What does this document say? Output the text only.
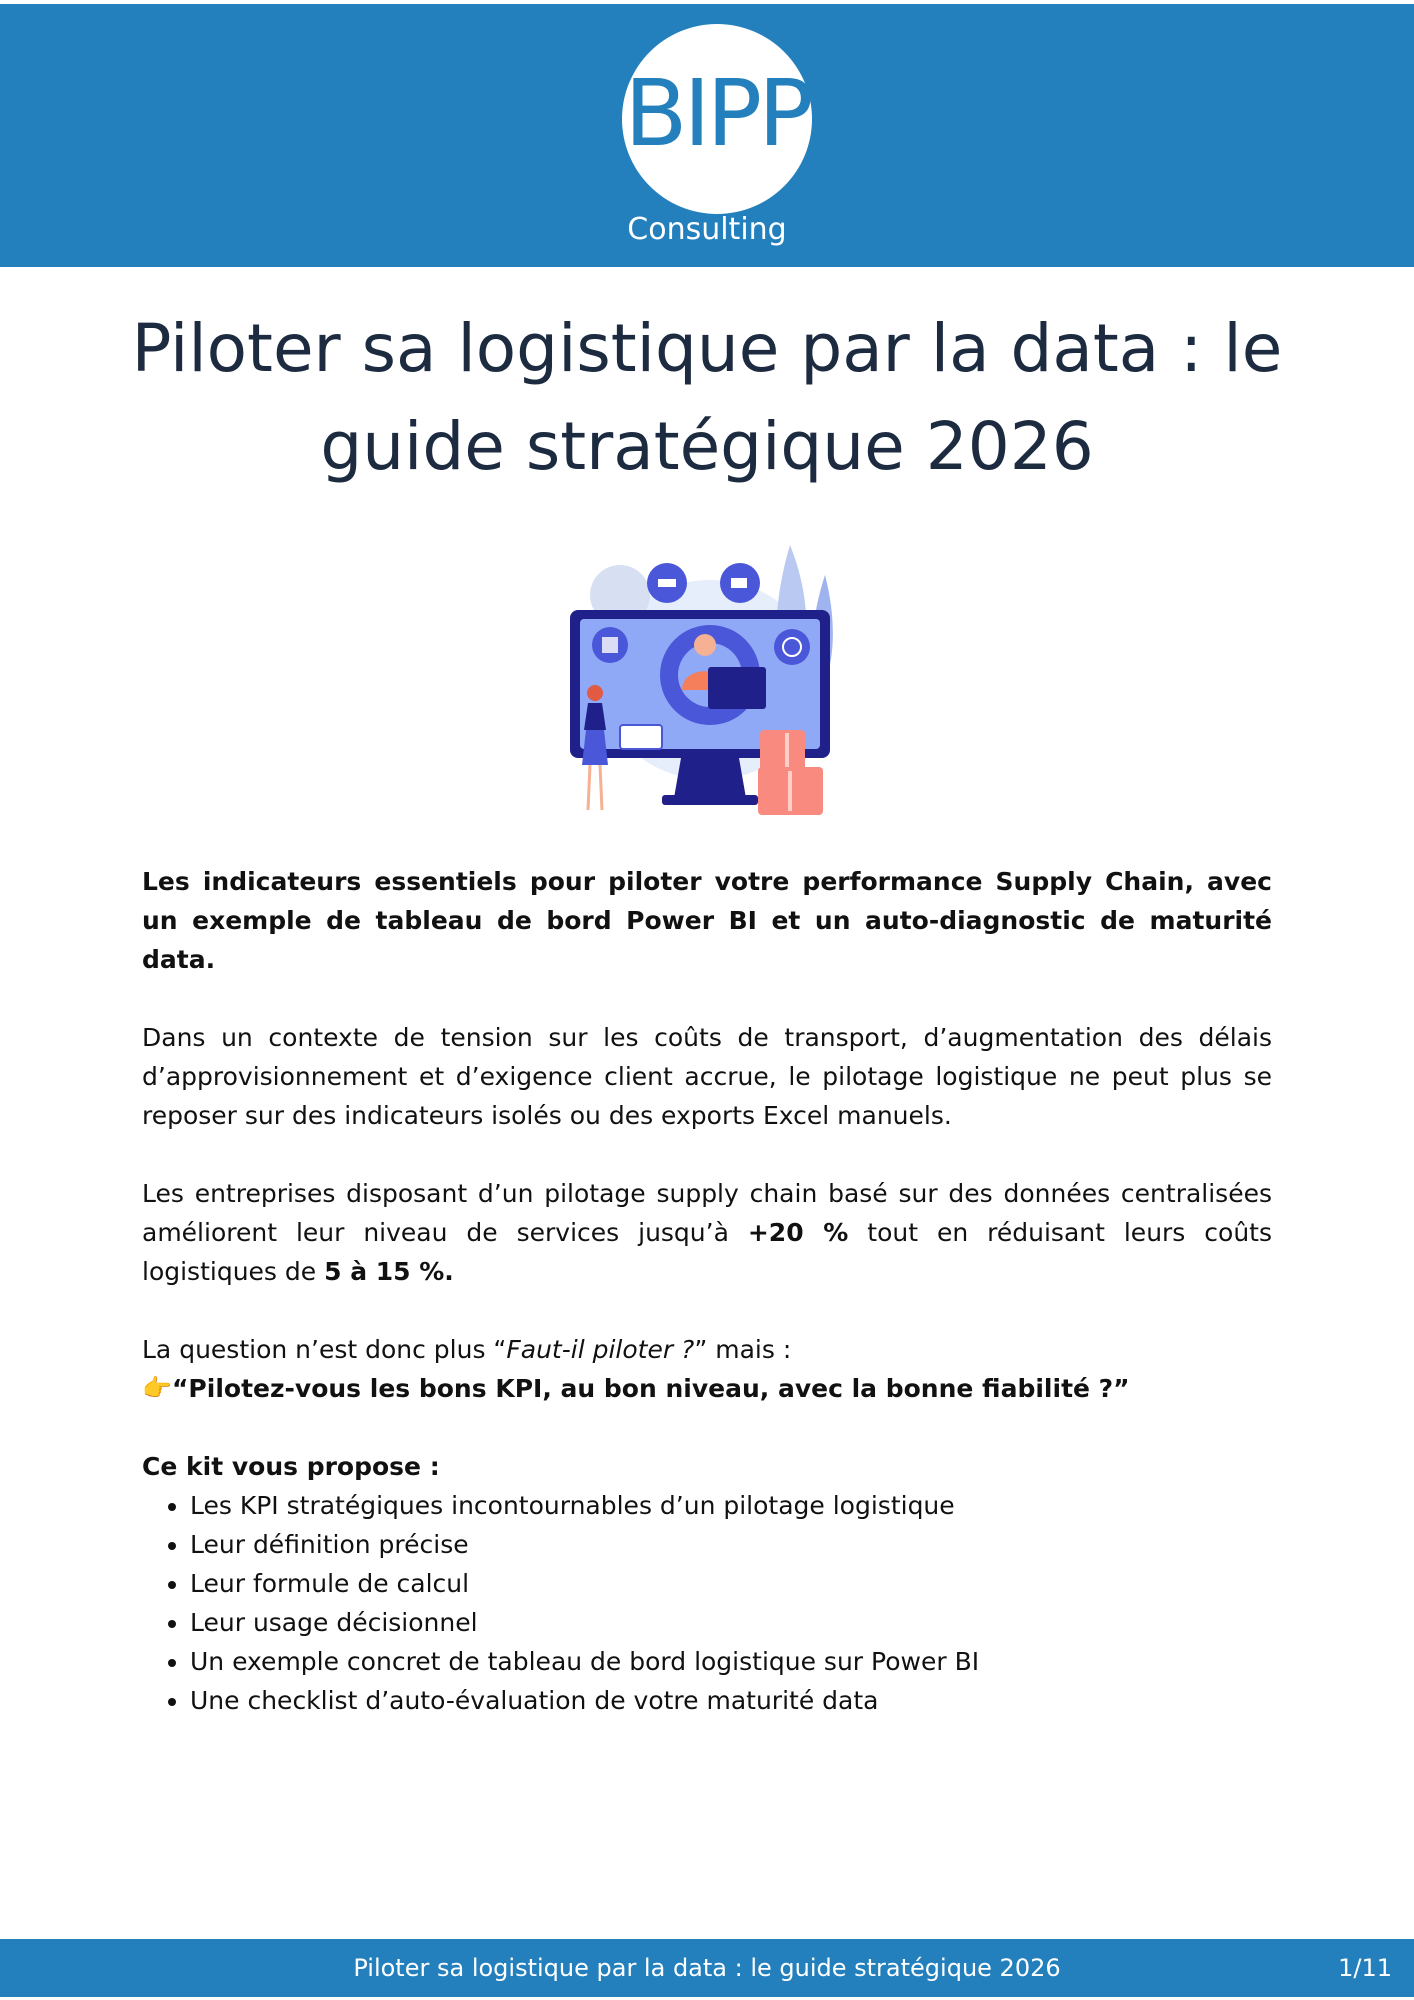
BIPP
Consulting
Piloter sa logistique par la data : le
guide stratégique 2026

Les indicateurs essentiels pour piloter votre performance Supply Chain, avec un exemple de tableau de bord Power BI et un auto-diagnostic de maturité data.

Dans un contexte de tension sur les coûts de transport, d’augmentation des délais d’approvisionnement et d’exigence client accrue, le pilotage logistique ne peut plus se reposer sur des indicateurs isolés ou des exports Excel manuels.

Les entreprises disposant d’un pilotage supply chain basé sur des données centralisées améliorent leur niveau de services jusqu’à +20 % tout en réduisant leurs coûts logistiques de 5 à 15 %.

La question n’est donc plus “Faut-il piloter ?” mais :
👉 “Pilotez-vous les bons KPI, au bon niveau, avec la bonne fiabilité ?”
Ce kit vous propose :
• Les KPI stratégiques incontournables d’un pilotage logistique
• Leur définition précise
• Leur formule de calcul
• Leur usage décisionnel
• Un exemple concret de tableau de bord logistique sur Power BI
• Une checklist d’auto-évaluation de votre maturité data
Piloter sa logistique par la data : le guide stratégique 2026	1/11
